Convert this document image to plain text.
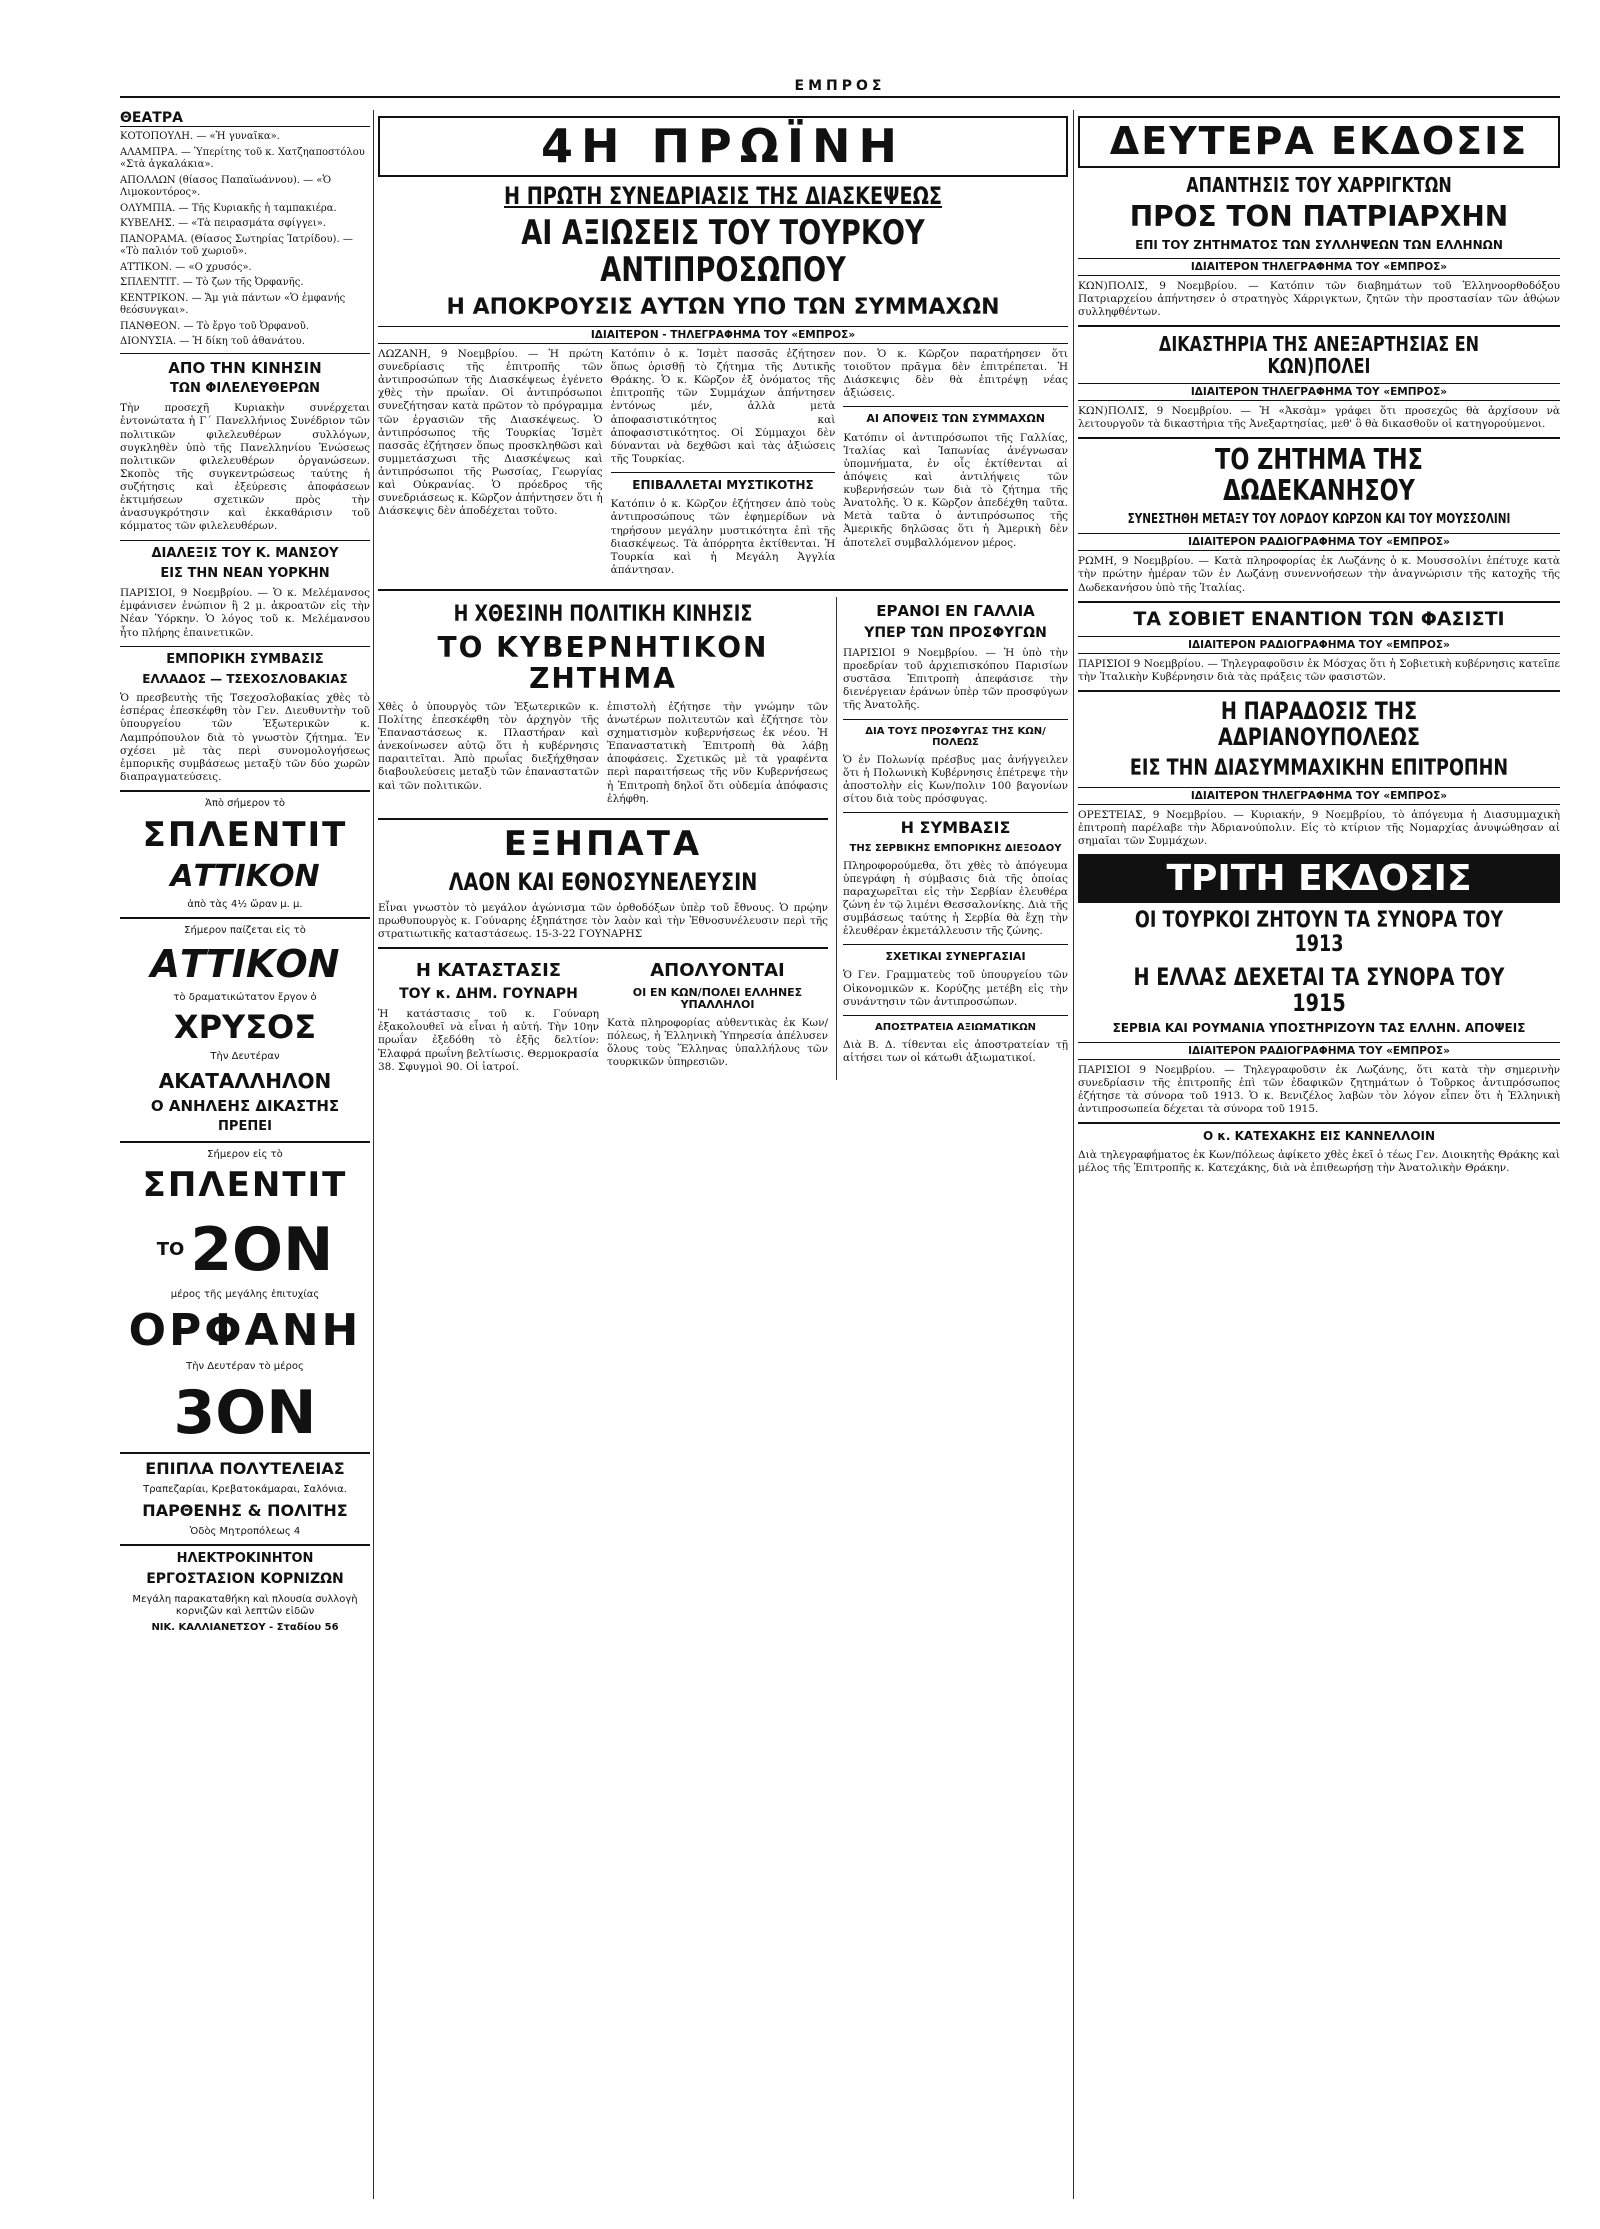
ΕΜΠΡΟΣ
ΘΕΑΤΡΑ

ΚΟΤΟΠΟΥΛΗ. — «Ἡ γυναῖκα».

ΑΛΑΜΠΡΑ. — Ὑπερίτης τοῦ κ. Χατζηαποστόλου «Στὰ ἀγκαλάκια».

ΑΠΟΛΛΩΝ (θίασος Παπαϊωάννου). — «Ὁ Λιμοκοντόρος».

ΟΛΥΜΠΙΑ. — Τῆς Κυριακῆς ἡ ταμπακιέρα.

ΚΥΒΕΛΗΣ. — «Τὰ πειρασμάτα σφίγγει».

ΠΑΝΟΡΑΜΑ. (Θίασος Σωτηρίας Ἰατρίδου). — «Τὸ παλιόν τοῦ χωριοῦ».

ΑΤΤΙΚΟΝ. — «Ο χρυσός».

ΣΠΛΕΝΤΙΤ. — Τὸ ζων τῆς Ὀρφανῆς.

ΚΕΝΤΡΙΚΟΝ. — Ἄμ γιὰ πάντων «Ὁ ἐμφανής θεόσυνγκαι».

ΠΑΝΘΕΟΝ. — Τὸ ἔργο τοῦ Ὀρφανοῦ.

ΔΙΟΝΥΣΙΑ. — Ἡ δίκη τοῦ ἀθανάτου.

ΑΠΟ ΤΗΝ ΚΙΝΗΣΙΝ
ΤΩΝ ΦΙΛΕΛΕΥΘΕΡΩΝ

Τὴν προσεχῆ Κυριακὴν συνέρχεται ἐντονώτατα ἡ Γ΄ Πανελλήνιος Συνέδριον τῶν πολιτικῶν φιλελευθέρων συλλόγων, συγκληθὲν ὑπὸ τῆς Πανελληνίου Ἑνώσεως πολιτικῶν φιλελευθέρων ὀργανώσεων. Σκοπὸς τῆς συγκεντρώσεως ταύτης ἡ συζήτησις καὶ ἐξεύρεσις ἀποφάσεων ἐκτιμήσεων σχετικῶν πρὸς τὴν ἀνασυγκρότησιν καὶ ἐκκαθάρισιν τοῦ κόμματος τῶν φιλελευθέρων.

ΔΙΑΛΕΞΙΣ ΤΟΥ Κ. ΜΑΝΣΟΥ
ΕΙΣ ΤΗΝ ΝΕΑΝ ΥΟΡΚΗΝ

ΠΑΡΙΣΙΟΙ, 9 Νοεμβρίου. — Ὁ κ. Μελέμανσος ἐμφάνισεν ἐνώπιον ἢ 2 μ. ἀκροατῶν εἰς τὴν Νέαν Ὑόρκην. Ὁ λόγος τοῦ κ. Μελέμανσου ἦτο πλήρης ἐπαινετικῶν.

ΕΜΠΟΡΙΚΗ ΣΥΜΒΑΣΙΣ
ΕΛΛΑΔΟΣ — ΤΣΕΧΟΣΛΟΒΑΚΙΑΣ

Ὁ πρεσβευτὴς τῆς Τσεχοσλοβακίας χθὲς τὸ ἑσπέρας ἐπεσκέφθη τὸν Γεν. Διευθυντὴν τοῦ ὑπουργείου τῶν Ἐξωτερικῶν κ. Λαμπρόπουλον διὰ τὸ γνωστὸν ζήτημα. Ἐν σχέσει μὲ τὰς περὶ συνομολογήσεως ἐμπορικῆς συμβάσεως μεταξὺ τῶν δύο χωρῶν διαπραγματεύσεις.

Ἀπὸ σήμερον τὸ
ΣΠΛΕΝΤΙΤ
ΑΤΤΙΚΟΝ
ἀπὸ τὰς 4½ ὥραν μ. μ.
Σήμερον παίζεται εἰς τὸ
ΑΤΤΙΚΟΝ
τὸ δραματικώτατον ἔργον ὁ
ΧΡΥΣΟΣ
Τὴν Δευτέραν
ΑΚΑΤΑΛΛΗΛΟΝ
Ο ΑΝΗΛΕΗΣ ΔΙΚΑΣΤΗΣ
ΠΡΕΠΕΙ
Σήμερον εἰς τὸ
ΣΠΛΕΝΤΙΤ
ΤΟ 2ΟΝ
μέρος τῆς μεγάλης ἐπιτυχίας
ΟΡΦΑΝΗ
Τὴν Δευτέραν τὸ μέρος
3ΟΝ
ΕΠΙΠΛΑ ΠΟΛΥΤΕΛΕΙΑΣ
Τραπεζαρίαι, Κρεβατοκάμαραι, Σαλόνια.
ΠΑΡΘΕΝΗΣ & ΠΟΛΙΤΗΣ
Ὁδὸς Μητροπόλεως 4
ΗΛΕΚΤΡΟΚΙΝΗΤΟΝ
ΕΡΓΟΣΤΑΣΙΟΝ ΚΟΡΝΙΖΩΝ
Μεγάλη παρακαταθήκη καὶ πλουσία συλλογὴ κορνιζῶν καὶ λεπτῶν εἰδῶν
ΝΙΚ. ΚΑΛΛΙΑΝΕΤΣΟΥ - Σταδίου 56
4Η ΠΡΩΪΝΗ
Η ΠΡΩΤΗ ΣΥΝΕΔΡΙΑΣΙΣ ΤΗΣ ΔΙΑΣΚΕΨΕΩΣ
ΑΙ ΑΞΙΩΣΕΙΣ ΤΟΥ ΤΟΥΡΚΟΥ ΑΝΤΙΠΡΟΣΩΠΟΥ
Η ΑΠΟΚΡΟΥΣΙΣ ΑΥΤΩΝ ΥΠΟ ΤΩΝ ΣΥΜΜΑΧΩΝ
ΙΔΙΑΙΤΕΡΟΝ - ΤΗΛΕΓΡΑΦΗΜΑ ΤΟΥ «ΕΜΠΡΟΣ»

ΛΩΖΑΝΗ, 9 Νοεμβρίου. — Ἡ πρώτη συνεδρίασις τῆς ἐπιτροπῆς τῶν ἀντιπροσώπων τῆς Διασκέψεως ἐγένετο χθὲς τὴν πρωΐαν. Οἱ ἀντιπρόσωποι συνεζήτησαν κατὰ πρῶτον τὸ πρόγραμμα τῶν ἐργασιῶν τῆς Διασκέψεως. Ὁ ἀντιπρόσωπος τῆς Τουρκίας Ἰσμὲτ πασσᾶς ἐζήτησεν ὅπως προσκληθῶσι καὶ συμμετάσχωσι τῆς Διασκέψεως καὶ ἀντιπρόσωποι τῆς Ρωσσίας, Γεωργίας καὶ Οὐκρανίας. Ὁ πρόεδρος τῆς συνεδριάσεως κ. Κῶρζον ἀπήντησεν ὅτι ἡ Διάσκεψις δὲν ἀποδέχεται τοῦτο.

Κατόπιν ὁ κ. Ἰσμὲτ πασσᾶς ἐζήτησεν ὅπως ὁρισθῇ τὸ ζήτημα τῆς Δυτικῆς Θράκης. Ὁ κ. Κῶρζον ἐξ ὀνόματος τῆς ἐπιτροπῆς τῶν Συμμάχων ἀπήντησεν ἐντόνως μέν, ἀλλὰ μετὰ ἀποφασιστικότητος καὶ ἀποφασιστικότητος. Οἱ Σύμμαχοι δὲν δύνανται νὰ δεχθῶσι καὶ τὰς ἀξιώσεις τῆς Τουρκίας.

ΕΠΙΒΑΛΛΕΤΑΙ ΜΥΣΤΙΚΟΤΗΣ

Κατόπιν ὁ κ. Κῶρζον ἐζήτησεν ἀπὸ τοὺς ἀντιπροσώπους τῶν ἐφημερίδων νὰ τηρήσουν μεγάλην μυστικότητα ἐπὶ τῆς διασκέψεως. Τὰ ἀπόρρητα ἐκτίθενται. Ἡ Τουρκία καὶ ἡ Μεγάλη Ἀγγλία ἀπάντησαν.

πον. Ὁ κ. Κῶρζον παρατήρησεν ὅτι τοιοῦτον πρᾶγμα δὲν ἐπιτρέπεται. Ἡ Διάσκεψις δὲν θὰ ἐπιτρέψῃ νέας ἀξιώσεις.

ΑΙ ΑΠΟΨΕΙΣ ΤΩΝ ΣΥΜΜΑΧΩΝ

Κατόπιν οἱ ἀντιπρόσωποι τῆς Γαλλίας, Ἰταλίας καὶ Ἰαπωνίας ἀνέγνωσαν ὑπομνήματα, ἐν οἷς ἐκτίθενται αἱ ἀπόψεις καὶ ἀντιλήψεις τῶν κυβερνήσεών των διὰ τὸ ζήτημα τῆς Ἀνατολῆς. Ὁ κ. Κῶρζον ἀπεδέχθη ταῦτα. Μετὰ ταῦτα ὁ ἀντιπρόσωπος τῆς Ἀμερικῆς δηλῶσας ὅτι ἡ Ἀμερικὴ δὲν ἀποτελεῖ συμβαλλόμενον μέρος.

Η ΧΘΕΣΙΝΗ ΠΟΛΙΤΙΚΗ ΚΙΝΗΣΙΣ
ΤΟ ΚΥΒΕΡΝΗΤΙΚΟΝ ΖΗΤΗΜΑ

Χθὲς ὁ ὑπουργὸς τῶν Ἐξωτερικῶν κ. Πολίτης ἐπεσκέφθη τὸν ἀρχηγὸν τῆς Ἐπαναστάσεως κ. Πλαστήραν καὶ ἀνεκοίνωσεν αὐτῷ ὅτι ἡ κυβέρνησις παραιτεῖται. Ἀπὸ πρωΐας διεξήχθησαν διαβουλεύσεις μεταξὺ τῶν ἐπαναστατῶν καὶ τῶν πολιτικῶν.

ἐπιστολὴ ἐζήτησε τὴν γνώμην τῶν ἀνωτέρων πολιτευτῶν καὶ ἐζήτησε τὸν σχηματισμὸν κυβερνήσεως ἐκ νέου. Ἡ Ἐπαναστατικὴ Ἐπιτροπὴ θὰ λάβῃ ἀποφάσεις. Σχετικῶς μὲ τὰ γραφέντα περὶ παραιτήσεως τῆς νῦν Κυβερνήσεως ἡ Ἐπιτροπὴ δηλοῖ ὅτι οὐδεμία ἀπόφασις ἐλήφθη.

ΕΞΗΠΑΤΑ
ΛΑΟΝ ΚΑΙ ΕΘΝΟΣΥΝΕΛΕΥΣΙΝ

Εἶναι γνωστὸν τὸ μεγάλον ἀγώνισμα τῶν ὀρθοδόξων ὑπὲρ τοῦ ἔθνους. Ὁ πρῴην πρωθυπουργὸς κ. Γούναρης ἐξηπάτησε τὸν λαὸν καὶ τὴν Ἐθνοσυνέλευσιν περὶ τῆς στρατιωτικῆς καταστάσεως. 15-3-22 ΓΟΥΝΑΡΗΣ

Η ΚΑΤΑΣΤΑΣΙΣ
ΤΟΥ κ. ΔΗΜ. ΓΟΥΝΑΡΗ

Ἡ κατάστασις τοῦ κ. Γούναρη ἐξακολουθεῖ νὰ εἶναι ἡ αὐτή. Τὴν 10ην πρωΐαν ἐξεδόθη τὸ ἑξῆς δελτίον: Ἐλαφρά πρωΐνη βελτίωσις. Θερμοκρασία 38. Σφυγμοὶ 90. Οἱ ἰατροί.

ΑΠΟΛΥΟΝΤΑΙ
ΟΙ ΕΝ ΚΩΝ/ΠΟΛΕΙ ΕΛΛΗΝΕΣ ΥΠΑΛΛΗΛΟΙ

Κατὰ πληροφορίας αὐθεντικὰς ἐκ Κων/πόλεως, ἡ Ἑλληνικὴ Ὑπηρεσία ἀπέλυσεν ὅλους τοὺς Ἕλληνας ὑπαλλήλους τῶν τουρκικῶν ὑπηρεσιῶν.

ΕΡΑΝΟΙ ΕΝ ΓΑΛΛΙΑ
ΥΠΕΡ ΤΩΝ ΠΡΟΣΦΥΓΩΝ

ΠΑΡΙΣΙΟΙ 9 Νοεμβρίου. — Ἡ ὑπὸ τὴν προεδρίαν τοῦ ἀρχιεπισκόπου Παρισίων συστᾶσα Ἐπιτροπὴ ἀπεφάσισε τὴν διενέργειαν ἐράνων ὑπὲρ τῶν προσφύγων τῆς Ἀνατολῆς.

ΔΙΑ ΤΟΥΣ ΠΡΟΣΦΥΓΑΣ ΤΗΣ ΚΩΝ/ΠΟΛΕΩΣ

Ὁ ἐν Πολωνίᾳ πρέσβυς μας ἀνήγγειλεν ὅτι ἡ Πολωνικὴ Κυβέρνησις ἐπέτρεψε τὴν ἀποστολὴν εἰς Κων/πολιν 100 βαγονίων σίτου διὰ τοὺς πρόσφυγας.

Η ΣΥΜΒΑΣΙΣ
ΤΗΣ ΣΕΡΒΙΚΗΣ ΕΜΠΟΡΙΚΗΣ ΔΙΕΞΟΔΟΥ

Πληροφορούμεθα, ὅτι χθὲς τὸ ἀπόγευμα ὑπεγράφη ἡ σύμβασις διὰ τῆς ὁποίας παραχωρεῖται εἰς τὴν Σερβίαν ἐλευθέρα ζώνη ἐν τῷ λιμένι Θεσσαλονίκης. Διὰ τῆς συμβάσεως ταύτης ἡ Σερβία θὰ ἔχῃ τὴν ἐλευθέραν ἐκμετάλλευσιν τῆς ζώνης.

ΣΧΕΤΙΚΑΙ ΣΥΝΕΡΓΑΣΙΑΙ

Ὁ Γεν. Γραμματεὺς τοῦ ὑπουργείου τῶν Οἰκονομικῶν κ. Κορύζης μετέβη εἰς τὴν συνάντησιν τῶν ἀντιπροσώπων.

ΑΠΟΣΤΡΑΤΕΙΑ ΑΞΙΩΜΑΤΙΚΩΝ

Διὰ Β. Δ. τίθενται εἰς ἀποστρατείαν τῇ αἰτήσει των οἱ κάτωθι ἀξιωματικοί.

ΔΕΥΤΕΡΑ ΕΚΔΟΣΙΣ
ΑΠΑΝΤΗΣΙΣ ΤΟΥ ΧΑΡΡΙΓΚΤΩΝ
ΠΡΟΣ ΤΟΝ ΠΑΤΡΙΑΡΧΗΝ
ΕΠΙ ΤΟΥ ΖΗΤΗΜΑΤΟΣ ΤΩΝ ΣΥΛΛΗΨΕΩΝ ΤΩΝ ΕΛΛΗΝΩΝ
ΙΔΙΑΙΤΕΡΟΝ ΤΗΛΕΓΡΑΦΗΜΑ ΤΟΥ «ΕΜΠΡΟΣ»

ΚΩΝ)ΠΟΛΙΣ, 9 Νοεμβρίου. — Κατόπιν τῶν διαβημάτων τοῦ Ἑλληνοορθοδόξου Πατριαρχείου ἀπήντησεν ὁ στρατηγὸς Χάρριγκτων, ζητῶν τὴν προστασίαν τῶν ἀθῴων συλληφθέντων.

ΔΙΚΑΣΤΗΡΙΑ ΤΗΣ ΑΝΕΞΑΡΤΗΣΙΑΣ ΕΝ ΚΩΝ)ΠΟΛΕΙ
ΙΔΙΑΙΤΕΡΟΝ ΤΗΛΕΓΡΑΦΗΜΑ ΤΟΥ «ΕΜΠΡΟΣ»

ΚΩΝ)ΠΟΛΙΣ, 9 Νοεμβρίου. — Ἡ «Ἀκσὰμ» γράφει ὅτι προσεχῶς θὰ ἀρχίσουν νὰ λειτουργοῦν τὰ δικαστήρια τῆς Ἀνεξαρτησίας, μεθ' ὃ θὰ δικασθοῦν οἱ κατηγορούμενοι.

ΤΟ ΖΗΤΗΜΑ ΤΗΣ ΔΩΔΕΚΑΝΗΣΟΥ
ΣΥΝΕΣΤΗΘΗ ΜΕΤΑΞΥ ΤΟΥ ΛΟΡΔΟΥ ΚΩΡΖΟΝ ΚΑΙ ΤΟΥ ΜΟΥΣΣΟΛΙΝΙ
ΙΔΙΑΙΤΕΡΟΝ ΡΑΔΙΟΓΡΑΦΗΜΑ ΤΟΥ «ΕΜΠΡΟΣ»

ΡΩΜΗ, 9 Νοεμβρίου. — Κατὰ πληροφορίας ἐκ Λωζάνης ὁ κ. Μουσσολίνι ἐπέτυχε κατὰ τὴν πρώτην ἡμέραν τῶν ἐν Λωζάνῃ συνεννοήσεων τὴν ἀναγνώρισιν τῆς κατοχῆς τῆς Δωδεκανήσου ὑπὸ τῆς Ἰταλίας.

ΤΑ ΣΟΒΙΕΤ ΕΝΑΝΤΙΟΝ ΤΩΝ ΦΑΣΙΣΤΙ
ΙΔΙΑΙΤΕΡΟΝ ΡΑΔΙΟΓΡΑΦΗΜΑ ΤΟΥ «ΕΜΠΡΟΣ»

ΠΑΡΙΣΙΟΙ 9 Νοεμβρίου. — Τηλεγραφοῦσιν ἐκ Μόσχας ὅτι ἡ Σοβιετικὴ κυβέρνησις κατεῖπε τὴν Ἰταλικὴν Κυβέρνησιν διὰ τὰς πράξεις τῶν φασιστῶν.

Η ΠΑΡΑΔΟΣΙΣ ΤΗΣ ΑΔΡΙΑΝΟΥΠΟΛΕΩΣ
ΕΙΣ ΤΗΝ ΔΙΑΣΥΜΜΑΧΙΚΗΝ ΕΠΙΤΡΟΠΗΝ
ΙΔΙΑΙΤΕΡΟΝ ΤΗΛΕΓΡΑΦΗΜΑ ΤΟΥ «ΕΜΠΡΟΣ»

ΟΡΕΣΤΕΙΑΣ, 9 Νοεμβρίου. — Κυριακήν, 9 Νοεμβρίου, τὸ ἀπόγευμα ἡ Διασυμμαχικὴ ἐπιτροπὴ παρέλαβε τὴν Ἀδριανούπολιν. Εἰς τὸ κτίριον τῆς Νομαρχίας ἀνυψώθησαν αἱ σημαῖαι τῶν Συμμάχων.

ΤΡΙΤΗ ΕΚΔΟΣΙΣ
ΟΙ ΤΟΥΡΚΟΙ ΖΗΤΟΥΝ ΤΑ ΣΥΝΟΡΑ ΤΟΥ 1913
Η ΕΛΛΑΣ ΔΕΧΕΤΑΙ ΤΑ ΣΥΝΟΡΑ ΤΟΥ 1915
ΣΕΡΒΙΑ ΚΑΙ ΡΟΥΜΑΝΙΑ ΥΠΟΣΤΗΡΙΖΟΥΝ ΤΑΣ ΕΛΛΗΝ. ΑΠΟΨΕΙΣ
ΙΔΙΑΙΤΕΡΟΝ ΡΑΔΙΟΓΡΑΦΗΜΑ ΤΟΥ «ΕΜΠΡΟΣ»

ΠΑΡΙΣΙΟΙ 9 Νοεμβρίου. — Τηλεγραφοῦσιν ἐκ Λωζάνης, ὅτι κατὰ τὴν σημερινὴν συνεδρίασιν τῆς ἐπιτροπῆς ἐπὶ τῶν ἐδαφικῶν ζητημάτων ὁ Τοῦρκος ἀντιπρόσωπος ἐζήτησε τὰ σύνορα τοῦ 1913. Ὁ κ. Βενιζέλος λαβὼν τὸν λόγον εἶπεν ὅτι ἡ Ἑλληνικὴ ἀντιπροσωπεία δέχεται τὰ σύνορα τοῦ 1915.

Ο κ. ΚΑΤΕΧΑΚΗΣ ΕΙΣ ΚΑΝΝΕΛΛΟΙΝ

Διὰ τηλεγραφήματος ἐκ Κων/πόλεως ἀφίκετο χθὲς ἐκεῖ ὁ τέως Γεν. Διοικητὴς Θράκης καὶ μέλος τῆς Ἐπιτροπῆς κ. Κατεχάκης, διὰ νὰ ἐπιθεωρήσῃ τὴν Ἀνατολικὴν Θράκην.
